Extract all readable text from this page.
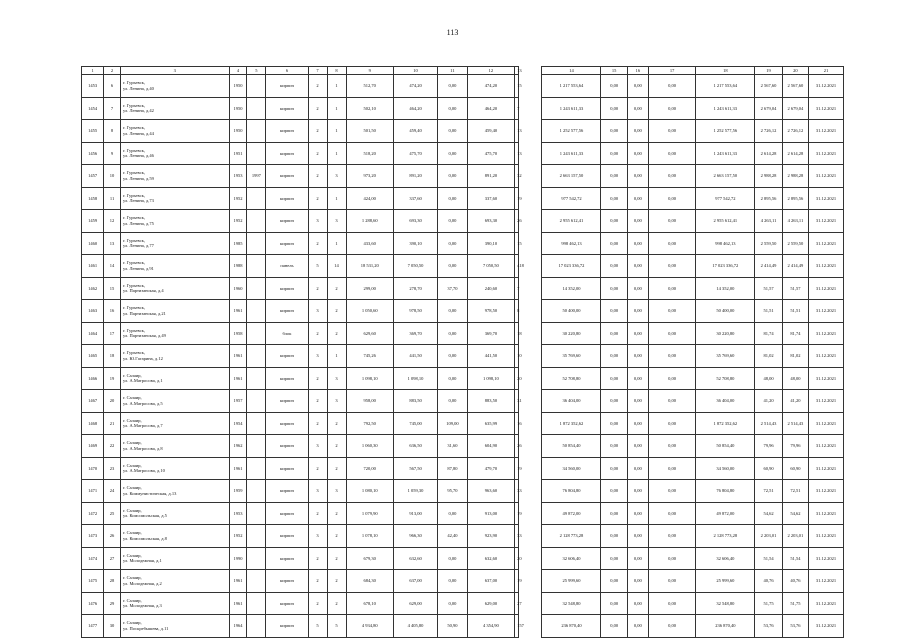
113
1	2	3	4	5	6	7	8	9	10	11	12	13		14	15	16	17	18	19	20	21
1453	6	г. Гурьевск,
ул. Ленина, д.40	1950		кирпич	2	1	512,70	474,20	0,00	474,20	15		1 217 553,64	0,00	0,00	0,00	1 217 553,64	2 567,60	2 567,60	31.12.2021
1454	7	г. Гурьевск,
ул. Ленина, д.42	1950		кирпич	2	1	502,10	464,20	0,00	464,20	7		1 243 611,33	0,00	0,00	0,00	1 243 611,33	2 679,04	2 679,04	31.12.2021
1455	8	г. Гурьевск,
ул. Ленина, д.44	1950		кирпич	2	1	501,50	459,40	0,00	459,40	13		1 252 577,56	0,00	0,00	0,00	1 252 577,56	2 726,12	2 726,12	31.12.2021
1456	9	г. Гурьевск,
ул. Ленина, д.46	1951		кирпич	2	1	518,20	475,70	0,00	475,70	13		1 243 611,33	0,00	0,00	0,00	1 243 611,33	2 614,28	2 614,28	31.12.2021
1457	10	г. Гурьевск,
ул. Ленина, д.59	1953	1997	кирпич	2	3	973,20	891,20	0,00	891,20	32		2 663 157,50	0,00	0,00	0,00	2 663 157,50	2 988,28	2 988,28	31.12.2021
1458	11	г. Гурьевск,
ул. Ленина, д.73	1952		кирпич	2	1	424,00	337,60	0,00	337,60	19		977 542,72	0,00	0,00	0,00	977 542,72	2 895,56	2 895,56	31.12.2021
1459	12	г. Гурьевск,
ул. Ленина, д.75	1952		кирпич	3	3	1 288,60	693,30	0,00	693,30	26		2 955 612,41	0,00	0,00	0,00	2 955 612,41	4 263,11	4 263,11	31.12.2021
1460	13	г. Гурьевск,
ул. Ленина, д.77	1985		кирпич	2	1	433,60	390,10	0,00	390,10	15		998 462,13	0,00	0,00	0,00	998 462,13	2 559,50	2 559,50	31.12.2021
1461	14	г. Гурьевск,
ул. Ленина, д.91	1988		панель	5	14	18 531,20	7 050,50	0,00	7 050,50	418		17 023 336,72	0,00	0,00	0,00	17 023 336,72	2 414,49	2 414,49	31.12.2021
1462	15	г. Гурьевск,
ул. Партизанская, д.4	1960		кирпич	2	2	299,00	278,70	37,70	240,60	7		14 352,00	0,00	0,00	0,00	14 352,00	51,57	51,57	31.12.2021
1463	16	г. Гурьевск,
ул. Партизанская, д.21	1961		кирпич	3	2	1 050,60	978,50	0,00	978,50	8		50 400,00	0,00	0,00	0,00	50 400,00	51,51	51,51	31.12.2021
1464	17	г. Гурьевск,
ул. Партизанская, д.49	1958		блок	2	2	629,60	369,70	0,00	369,70	18		30 220,80	0,00	0,00	0,00	30 220,80	81,74	81,74	31.12.2021
1465	18	г. Гурьевск,
ул. Ю.Гагарина, д.12	1961		кирпич	3	1	745,26	441,50	0,00	441,50	10		35 769,60	0,00	0,00	0,00	35 769,60	81,02	81,02	31.12.2021
1466	19	г. Салаир,
ул. А.Матросова, д.1	1961		кирпич	2	3	1 098,10	1 098,10	0,00	1 098,10	20		52 708,80	0,00	0,00	0,00	52 708,80	48,00	48,00	31.12.2021
1467	20	г. Салаир,
ул. А.Матросова, д.5	1957		кирпич	2	3	958,00	883,50	0,00	883,50	31		36 404,00	0,00	0,00	0,00	36 404,00	41,20	41,20	31.12.2021
1468	21	г. Салаир,
ул. А.Матросова, д.7	1954		кирпич	2	2	792,50	745,00	109,00	635,99	16		1 872 352,62	0,00	0,00	0,00	1 872 352,62	2 514,43	2 514,43	31.12.2021
1469	22	г. Салаир,
ул. А.Матросова, д.8	1962		кирпич	3	2	1 060,30	636,50	31,60	604,90	26		50 854,40	0,00	0,00	0,00	50 854,40	79,96	79,96	31.12.2021
1470	23	г. Салаир,
ул. А.Матросова, д.10	1961		кирпич	2	2	720,00	567,50	87,80	479,70	19		34 560,00	0,00	0,00	0,00	34 560,00	60,90	60,90	31.12.2021
1471	24	г. Салаир,
ул. Коммунистическая, д.13	1959		кирпич	3	3	1 080,10	1 059,30	95,70	963,60	33		76 804,80	0,00	0,00	0,00	76 804,80	72,51	72,51	31.12.2021
1472	25	г. Салаир,
ул. Комсомольская, д.5	1953		кирпич	2	2	1 079,90	913,00	0,00	913,00	19		49 872,00	0,00	0,00	0,00	49 872,00	54,62	54,62	31.12.2021
1473	26	г. Салаир,
ул. Комсомольская, д.8	1952		кирпич	3	2	1 078,10	966,30	42,40	923,90	33		2 128 773,28	0,00	0,00	0,00	2 128 773,28	2 203,01	2 203,01	31.12.2021
1474	27	г. Салаир,
ул. Молодежная, д.1	1990		кирпич	2	2	679,30	632,60	0,00	632,60	20		32 606,40	0,00	0,00	0,00	32 606,40	51,54	51,54	31.12.2021
1475	28	г. Салаир,
ул. Молодежная, д.2	1961		кирпич	2	2	684,30	637,00	0,00	637,00	19		25 999,60	0,00	0,00	0,00	25 999,60	40,76	40,76	31.12.2021
1476	29	г. Салаир,
ул. Молодежная, д.3	1961		кирпич	2	2	678,10	629,00	0,00	629,00	27		32 548,80	0,00	0,00	0,00	32 548,80	51,75	51,75	31.12.2021
1477	30	г. Салаир,
ул. Поскребышева, д.11	1964		кирпич	5	5	4 934,80	4 405,80	50,90	4 354,90	157		236 870,40	0,00	0,00	0,00	236 870,40	53,76	53,76	31.12.2021
